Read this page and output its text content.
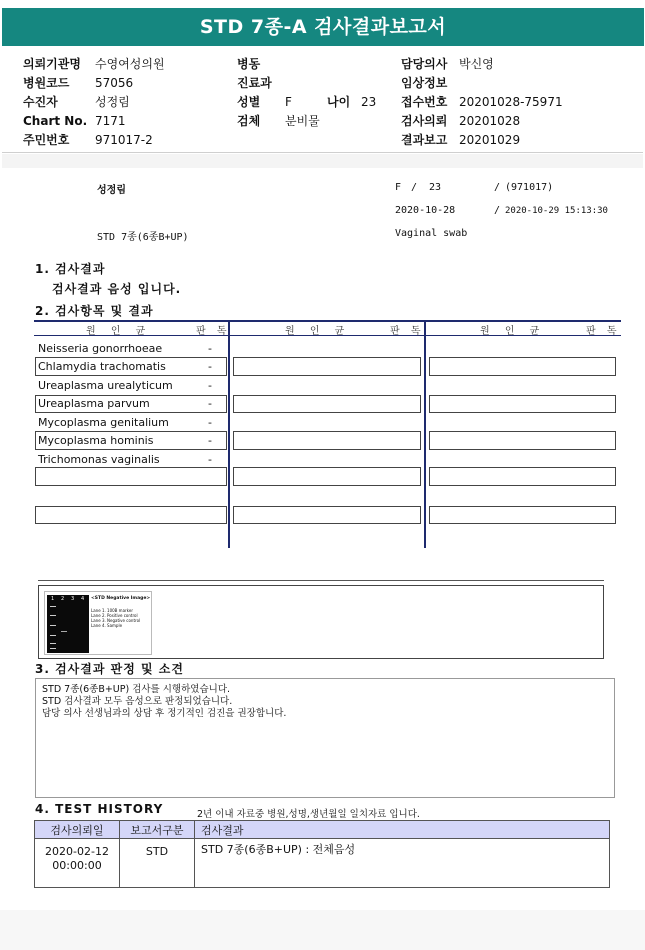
STD 7종-A 검사결과보고서
의뢰기관명	수영여성의원
병원코드	57056
수진자	성정림
Chart No. 7171
주민번호 971017-2
병동
진료과
성별 F	나이 23
검체 분비물
담당의사 박신영
임상정보
접수번호 20201028-75971
검사의뢰 20201028
결과보고 20201029
성정림	F / 23	/ (971017)
2020-10-28	/ 2020-10-29 15:13:30
STD 7종(6종B+UP)	Vaginal swab
1. 검사결과
검사결과 음성 입니다.
2. 검사항목 및 결과
원 인 균	판 독	원 인 균	판 독	원 인 균	판 독
Neisseria gonorrhoeae	-
Chlamydia trachomatis	-
Ureaplasma urealyticum	-
Ureaplasma parvum	-
Mycoplasma genitalium	-
Mycoplasma hominis	-
Trichomonas vaginalis	-
1 2 3 4 <STD Negative Image>
Lane 1. 100B marker
Lane 2. Positive control
Lane 3. Negative control
Lane 4. Sample
3. 검사결과 판정 및 소견
STD 7종(6종B+UP) 검사를 시행하였습니다.
STD 검사결과 모두 음성으로 판정되었습니다.
담당 의사 선생님과의 상담 후 정기적인 검진을 권장합니다.
4. TEST HISTORY	2년 이내 자료중 병원,성명,생년월일 일치자료 입니다.
검사의뢰일	보고서구분	검사결과

2020-02-12
00:00:00	STD	STD 7종(6종B+UP) : 전체음성
